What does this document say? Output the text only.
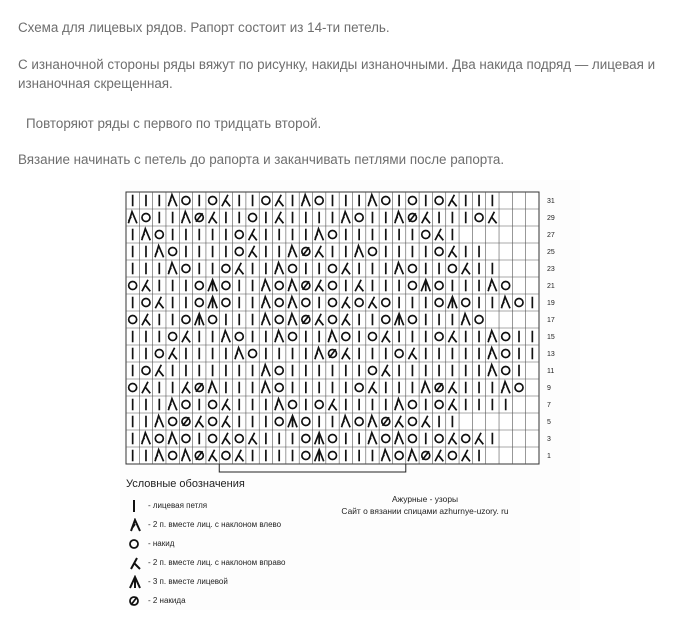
Схема для лицевых рядов. Рапорт состоит из 14-ти петель.
С изнаночной стороны ряды вяжут по рисунку, накиды изнаночными. Два накида подряд — лицевая и изнаночная скрещенная.
Повторяют ряды с первого по тридцать второй.
Вязание начинать с петель до рапорта и заканчивать петлями после рапорта.
31
29
27
25
23
21
19
17
15
13
11
9
7
5
3
1
Условные обозначения
- лицевая петля
- 2 п. вместе лиц. с наклоном влево
- накид
- 2 п. вместе лиц. с наклоном вправо
- 3 п. вместе лицевой
- 2 накида
Ажурные - узоры
Сайт о вязании спицами azhurnye-uzory. ru
